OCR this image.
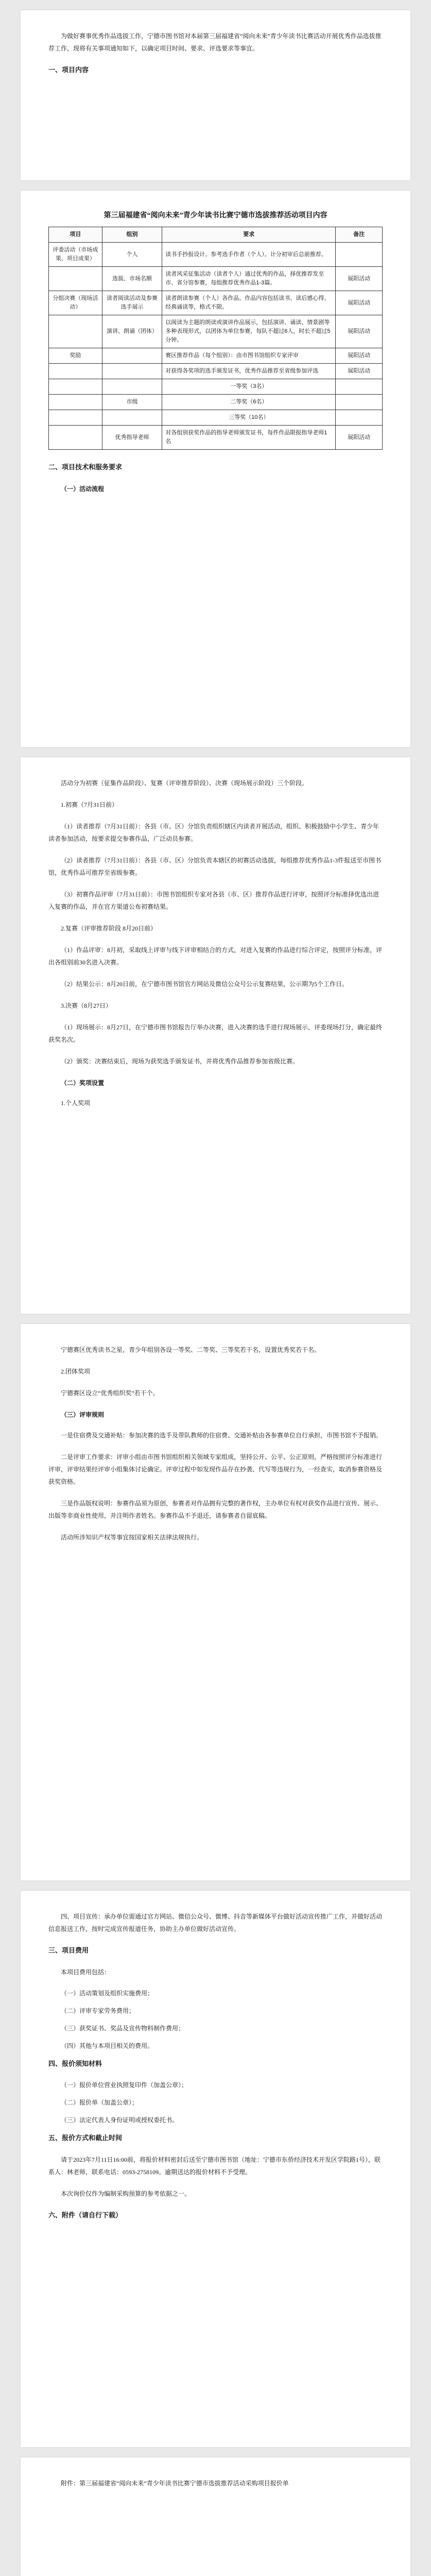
为做好赛事优秀作品选拔工作，宁德市图书馆对本届第三届福建省“阅向未来”青少年读书比赛活动开展优秀作品选拔推荐工作，现将有关事项通知如下，以确定项目时间、要求、评选要求等事宜。

一、项目内容
第三届福建省“阅向未来”青少年读书比赛宁德市选拔推荐活动项目内容
项目	组别	要求	备注
评委活动（市场成果、项目成果）	个人	读书手抄报设计。参考选手作者（个人）。计分初审后总前推荐。	
	选拔、市场名额	读者风采征集活动（读者个人）通过优秀的作品，择优推荐发至市、省分馆参赛，每组推荐优秀作品1-3篇。	展阳活动
分组决赛（现场活动）	读者阅读活动及参赛选手展示	读者朗读参赛（个人）各作品。作品内容包括读书、读后感心得、经典诵读等，格式不限。	展阳活动
	演讲、朗诵（团体）	以阅读为主题的朗读或演讲作品展示，包括演讲、诵读、情景剧等多种表现形式，以团体为单位参赛，每队不超过6人，时长不超过5分钟。	展阳活动
奖励		赛区推荐作品（每个组别）：由市图书馆组织专家评审	展阳活动
		对获得各奖项的选手颁发证书，优秀作品推荐至省级参加评选	展阳活动
		一等奖（3名）	
	市级	二等奖（6名）	
		三等奖（10名）	
	优秀指导老师	对各组别获奖作品的指导老师颁发证书，每件作品限报指导老师1名	展阳活动
二、项目技术和服务要求
（一）活动流程

活动分为初赛（征集作品阶段）、复赛（评审推荐阶段）、决赛（现场展示阶段）三个阶段。

1.初赛（7月31日前）

（1）读者推荐（7月31日前）：各县（市、区）分馆负责组织辖区内读者开展活动，组织、积极鼓励中小学生、青少年读者参加活动，按要求提交参赛作品，广泛动员参赛。

（2）读者推荐（7月31日前）：各县（市、区）分馆负责本辖区的初赛活动选拔，每组推荐优秀作品1-3件报送至市图书馆，优秀作品可推荐至省级参赛。

（3）初赛作品评审（7月31日前）：市图书馆组织专家对各县（市、区）推荐作品进行评审，按照评分标准择优选出进入复赛的作品，并在官方渠道公布初赛结果。

2.复赛（评审推荐阶段 8月20日前）

（1）作品评审：8月初，采取线上评审与线下评审相结合的方式，对进入复赛的作品进行综合评定，按照评分标准，评出各组别前30名进入决赛。

（2）结果公示：8月20日前，在宁德市图书馆官方网站及微信公众号公示复赛结果，公示期为5个工作日。

3.决赛（8月27日）

（1）现场展示：8月27日，在宁德市图书馆报告厅举办决赛，进入决赛的选手进行现场展示，评委现场打分，确定最终获奖名次。

（2）颁奖：决赛结束后，现场为获奖选手颁发证书，并将优秀作品推荐参加省级比赛。

（二）奖项设置
1.个人奖项

宁德赛区优秀读书之星，青少年组别各设一等奖、二等奖、三等奖若干名，设置优秀奖若干名。

2.团体奖项

宁德赛区设立“优秀组织奖”若干个。

（三）评审规则

一是住宿费及交通补贴：参加决赛的选手及带队教师的住宿费、交通补贴由各参赛单位自行承担，市图书馆不予报销。

二是评审工作要求：评审小组由市图书馆组织相关领域专家组成，坚持公开、公平、公正原则，严格按照评分标准进行评审，评审结果经评审小组集体讨论确定。评审过程中如发现作品存在抄袭、代写等违规行为，一经查实，取消参赛资格及获奖资格。

三是作品版权说明：参赛作品须为原创，参赛者对作品拥有完整的著作权，主办单位有权对获奖作品进行宣传、展示、出版等非商业性使用，并注明作者姓名。参赛作品不予退还，请参赛者自留底稿。

活动所涉知识产权等事宜按国家相关法律法规执行。

四、项目宣传：承办单位需通过官方网站、微信公众号、微博、抖音等新媒体平台做好活动宣传推广工作，并做好活动信息报送工作，按时完成宣传报道任务，协助主办单位做好活动宣传。

三、项目费用

本项目费用包括：

（一）活动策划及组织实施费用；
（二）评审专家劳务费用；
（三）获奖证书、奖品及宣传物料制作费用；
（四）其他与本项目相关的费用。
四、报价须知材料
（一）报价单位营业执照复印件（加盖公章）；
（二）报价单（加盖公章）；
（三）法定代表人身份证明或授权委托书。
五、报价方式和截止时间

请于2023年7月11日16:00前，将报价材料密封后送至宁德市图书馆（地址：宁德市东侨经济技术开发区学院路1号），联系人：林老师，联系电话：0593-2758109。逾期送达的报价材料不予受理。

本次询价仅作为编制采购预算的参考依据之一。

六、附件（请自行下载）

附件：第三届福建省“阅向未来”青少年读书比赛宁德市选拔推荐活动采购项目报价单
